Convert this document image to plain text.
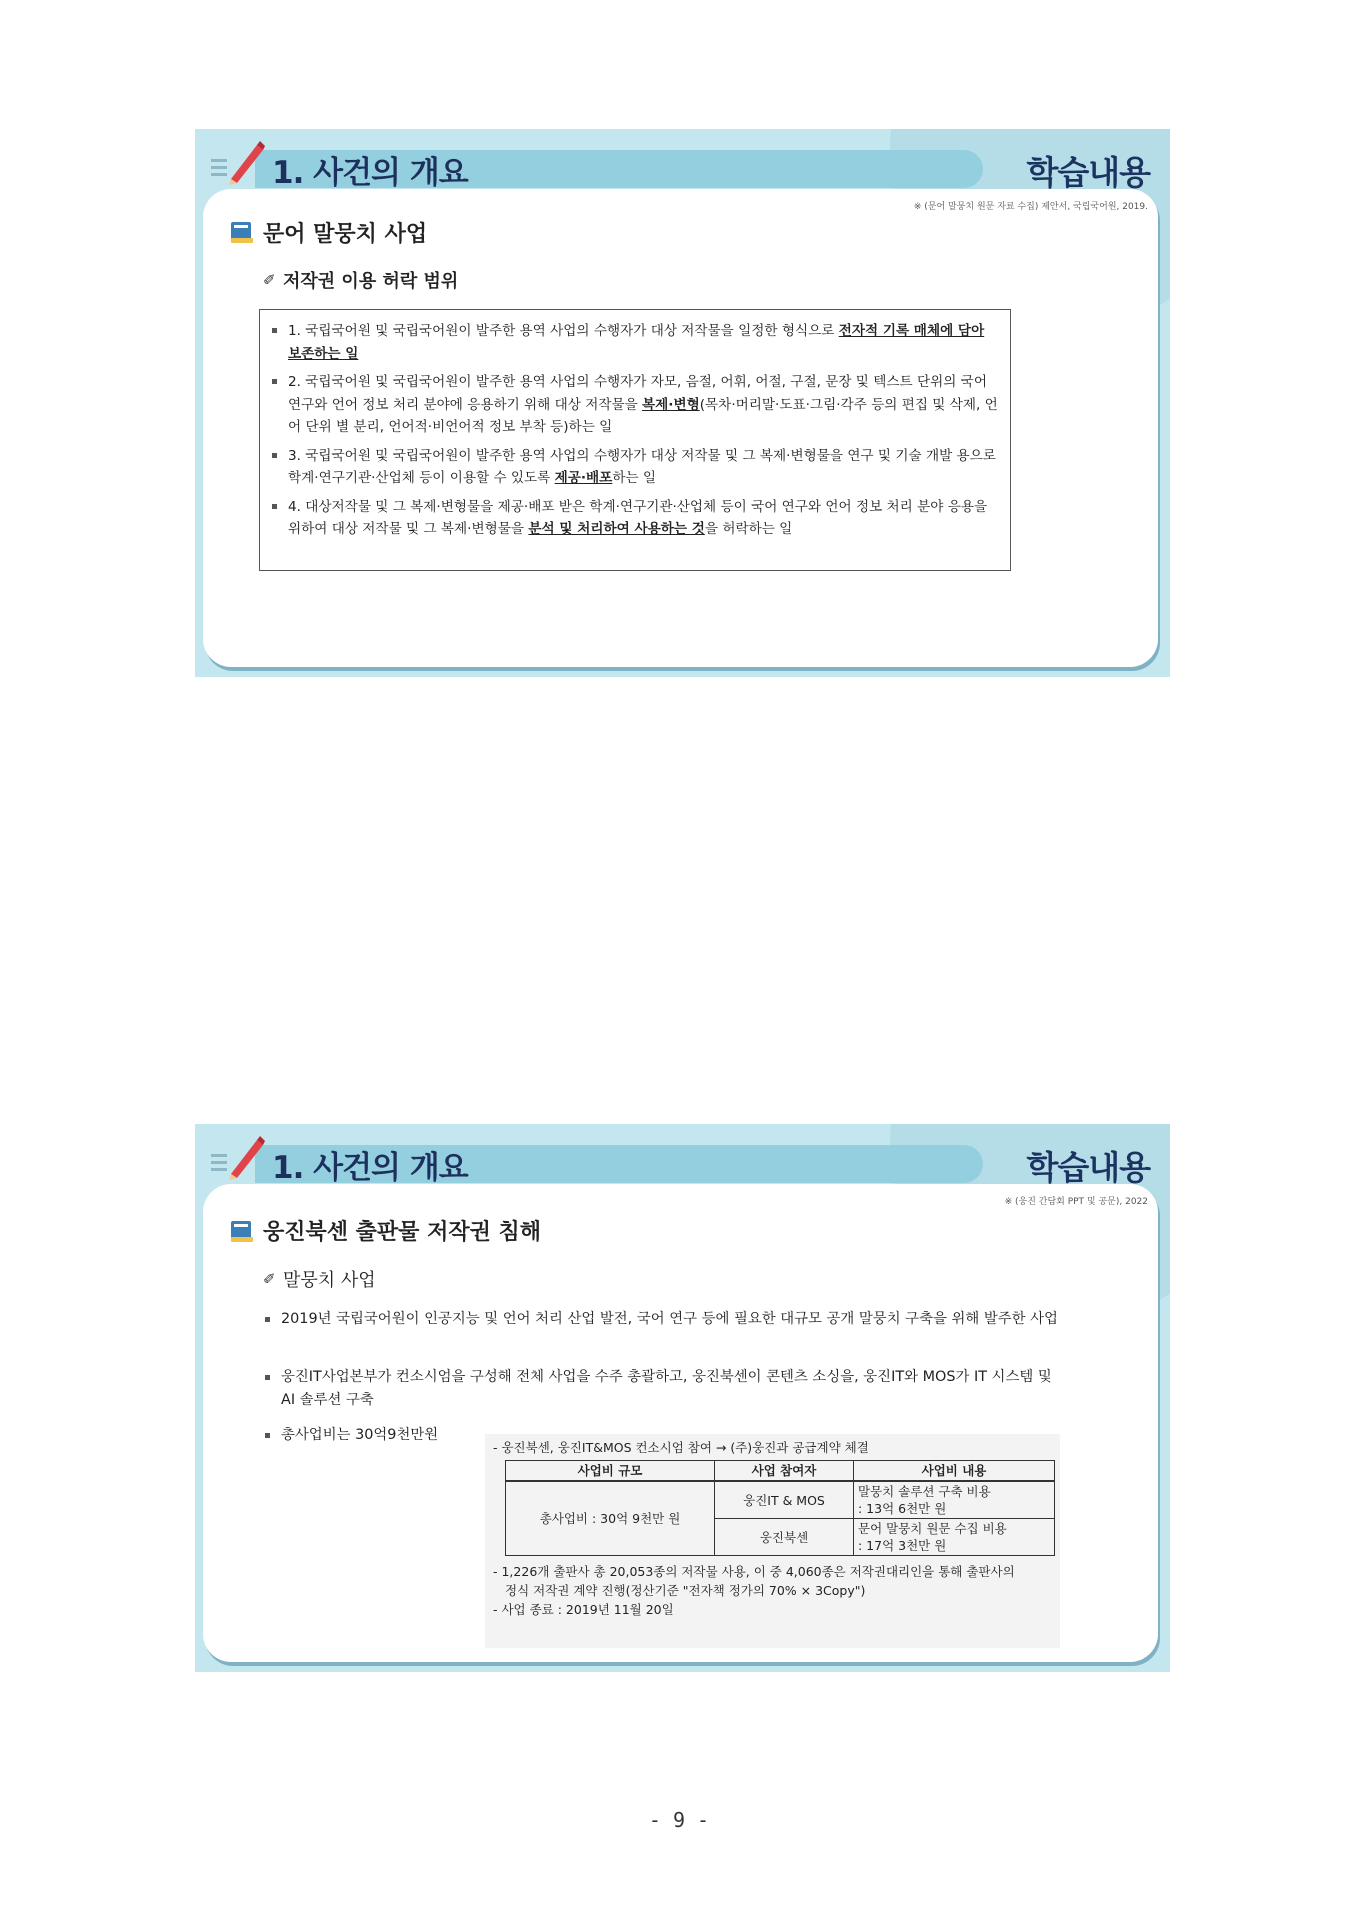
1. 사건의 개요	학습내용
※ (문어 말뭉치 원문 자료 수집) 제안서, 국립국어원, 2019.
문어 말뭉치 사업
✐ 저작권 이용 허락 범위
1. 국립국어원 및 국립국어원이 발주한 용역 사업의 수행자가 대상 저작물을 일정한 형식으로 전자적 기록 매체에 담아 보존하는 일
2. 국립국어원 및 국립국어원이 발주한 용역 사업의 수행자가 자모, 음절, 어휘, 어절, 구절, 문장 및 텍스트 단위의 국어 연구와 언어 정보 처리 분야에 응용하기 위해 대상 저작물을 복제·변형(목차·머리말·도표·그림·각주 등의 편집 및 삭제, 언어 단위 별 분리, 언어적·비언어적 정보 부착 등)하는 일
3. 국립국어원 및 국립국어원이 발주한 용역 사업의 수행자가 대상 저작물 및 그 복제·변형물을 연구 및 기술 개발 용으로 학계·연구기관·산업체 등이 이용할 수 있도록 제공·배포하는 일
4. 대상저작물 및 그 복제·변형물을 제공·배포 받은 학계·연구기관·산업체 등이 국어 연구와 언어 정보 처리 분야 응용을 위하여 대상 저작물 및 그 복제·변형물을 분석 및 처리하여 사용하는 것을 허락하는 일
1. 사건의 개요	학습내용
※ (웅진 간담회 PPT 및 공문), 2022
웅진북센 출판물 저작권 침해
✐ 말뭉치 사업
2019년 국립국어원이 인공지능 및 언어 처리 산업 발전, 국어 연구 등에 필요한 대규모 공개 말뭉치 구축을 위해 발주한 사업
웅진IT사업본부가 컨소시엄을 구성해 전체 사업을 수주 총괄하고, 웅진북센이 콘텐츠 소싱을, 웅진IT와 MOS가 IT 시스템 및 AI 솔루션 구축
총사업비는 30억9천만원
- 웅진북센, 웅진IT&MOS 컨소시엄 참여 → (주)웅진과 공급계약 체결
사업비 규모	사업 참여자	사업비 내용
총사업비 : 30억 9천만 원	웅진IT & MOS	말뭉치 솔루션 구축 비용
: 13억 6천만 원

	웅진북센	문어 말뭉치 원문 수집 비용
: 17억 3천만 원
- 1,226개 출판사 총 20,053종의 저작물 사용, 이 중 4,060종은 저작권대리인을 통해 출판사의
정식 저작권 계약 진행(정산기준 "전자책 정가의 70% × 3Copy")
- 사업 종료 : 2019년 11월 20일
- 9 -
